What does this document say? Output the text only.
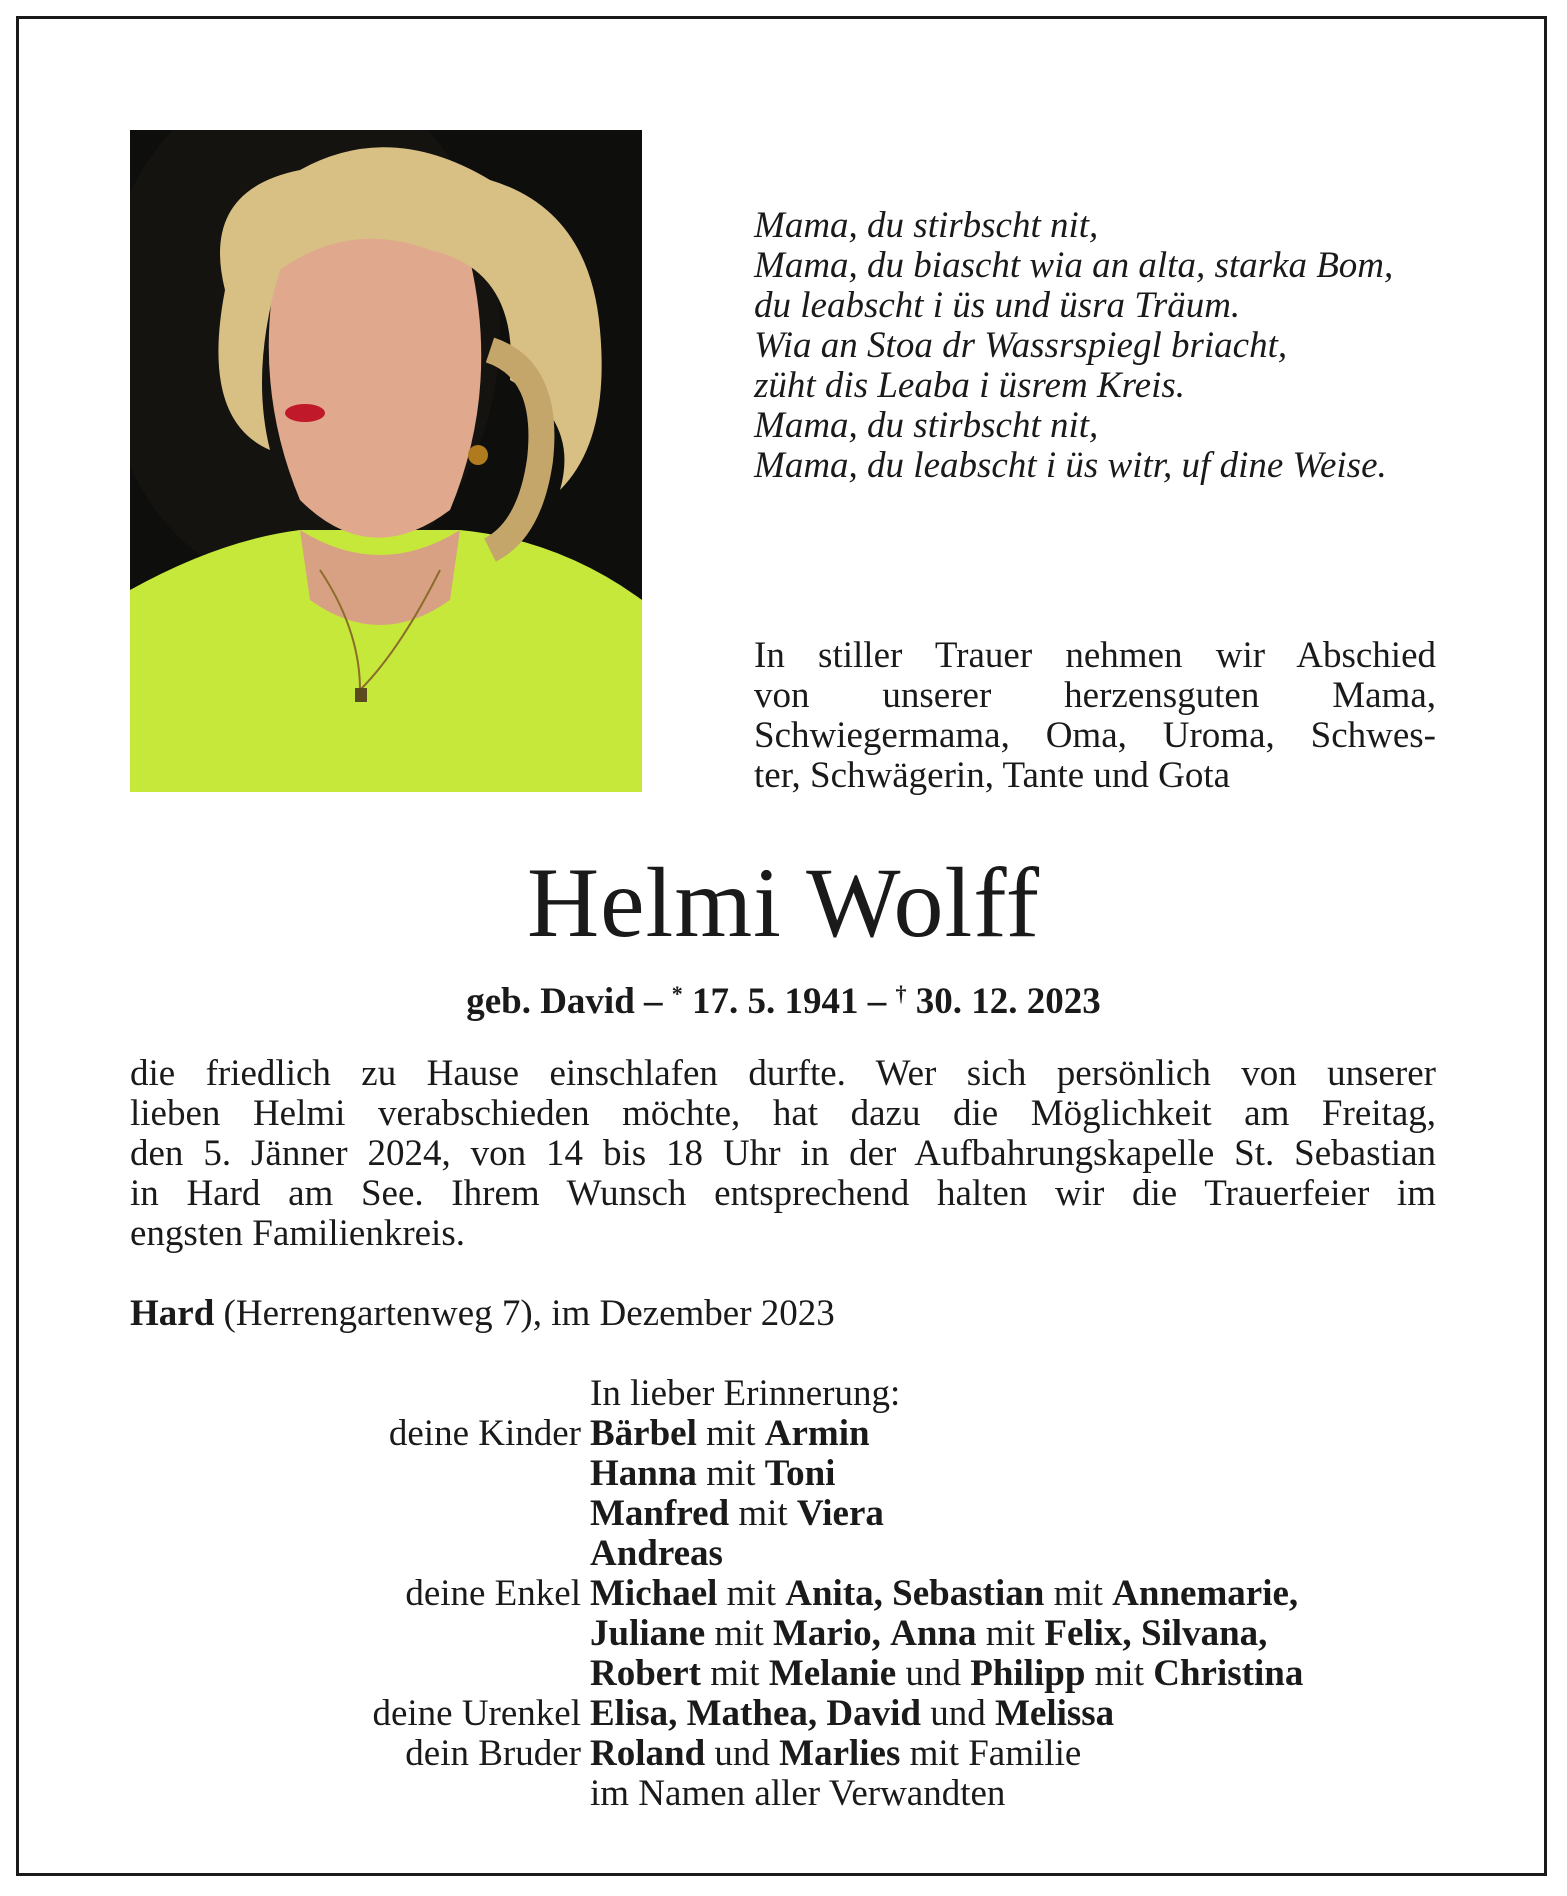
Mama, du stirbscht nit,
Mama, du biascht wia an alta, starka Bom,
du leabscht i üs und üsra Träum.
Wia an Stoa dr Wassrspiegl briacht,
züht dis Leaba i üsrem Kreis.
Mama, du stirbscht nit,
Mama, du leabscht i üs witr, uf dine Weise.
In stiller Trauer nehmen wir Abschied
von unserer herzensguten Mama,
Schwiegermama, Oma, Uroma, Schwes-
ter, Schwägerin, Tante und Gota
Helmi Wolff
geb. David – * 17. 5. 1941 – † 30. 12. 2023
die friedlich zu Hause einschlafen durfte. Wer sich persönlich von unserer
lieben Helmi verabschieden möchte, hat dazu die Möglichkeit am Freitag,
den 5. Jänner 2024, von 14 bis 18 Uhr in der Aufbahrungskapelle St. Sebastian
in Hard am See. Ihrem Wunsch entsprechend halten wir die Trauerfeier im
engsten Familienkreis.
Hard (Herrengartenweg 7), im Dezember 2023
In lieber Erinnerung:
deine Kinder Bärbel mit Armin
Hanna mit Toni
Manfred mit Viera
Andreas
deine Enkel Michael mit Anita, Sebastian mit Annemarie,
Juliane mit Mario, Anna mit Felix, Silvana,
Robert mit Melanie und Philipp mit Christina
deine Urenkel Elisa, Mathea, David und Melissa
dein Bruder Roland und Marlies mit Familie
im Namen aller Verwandten
